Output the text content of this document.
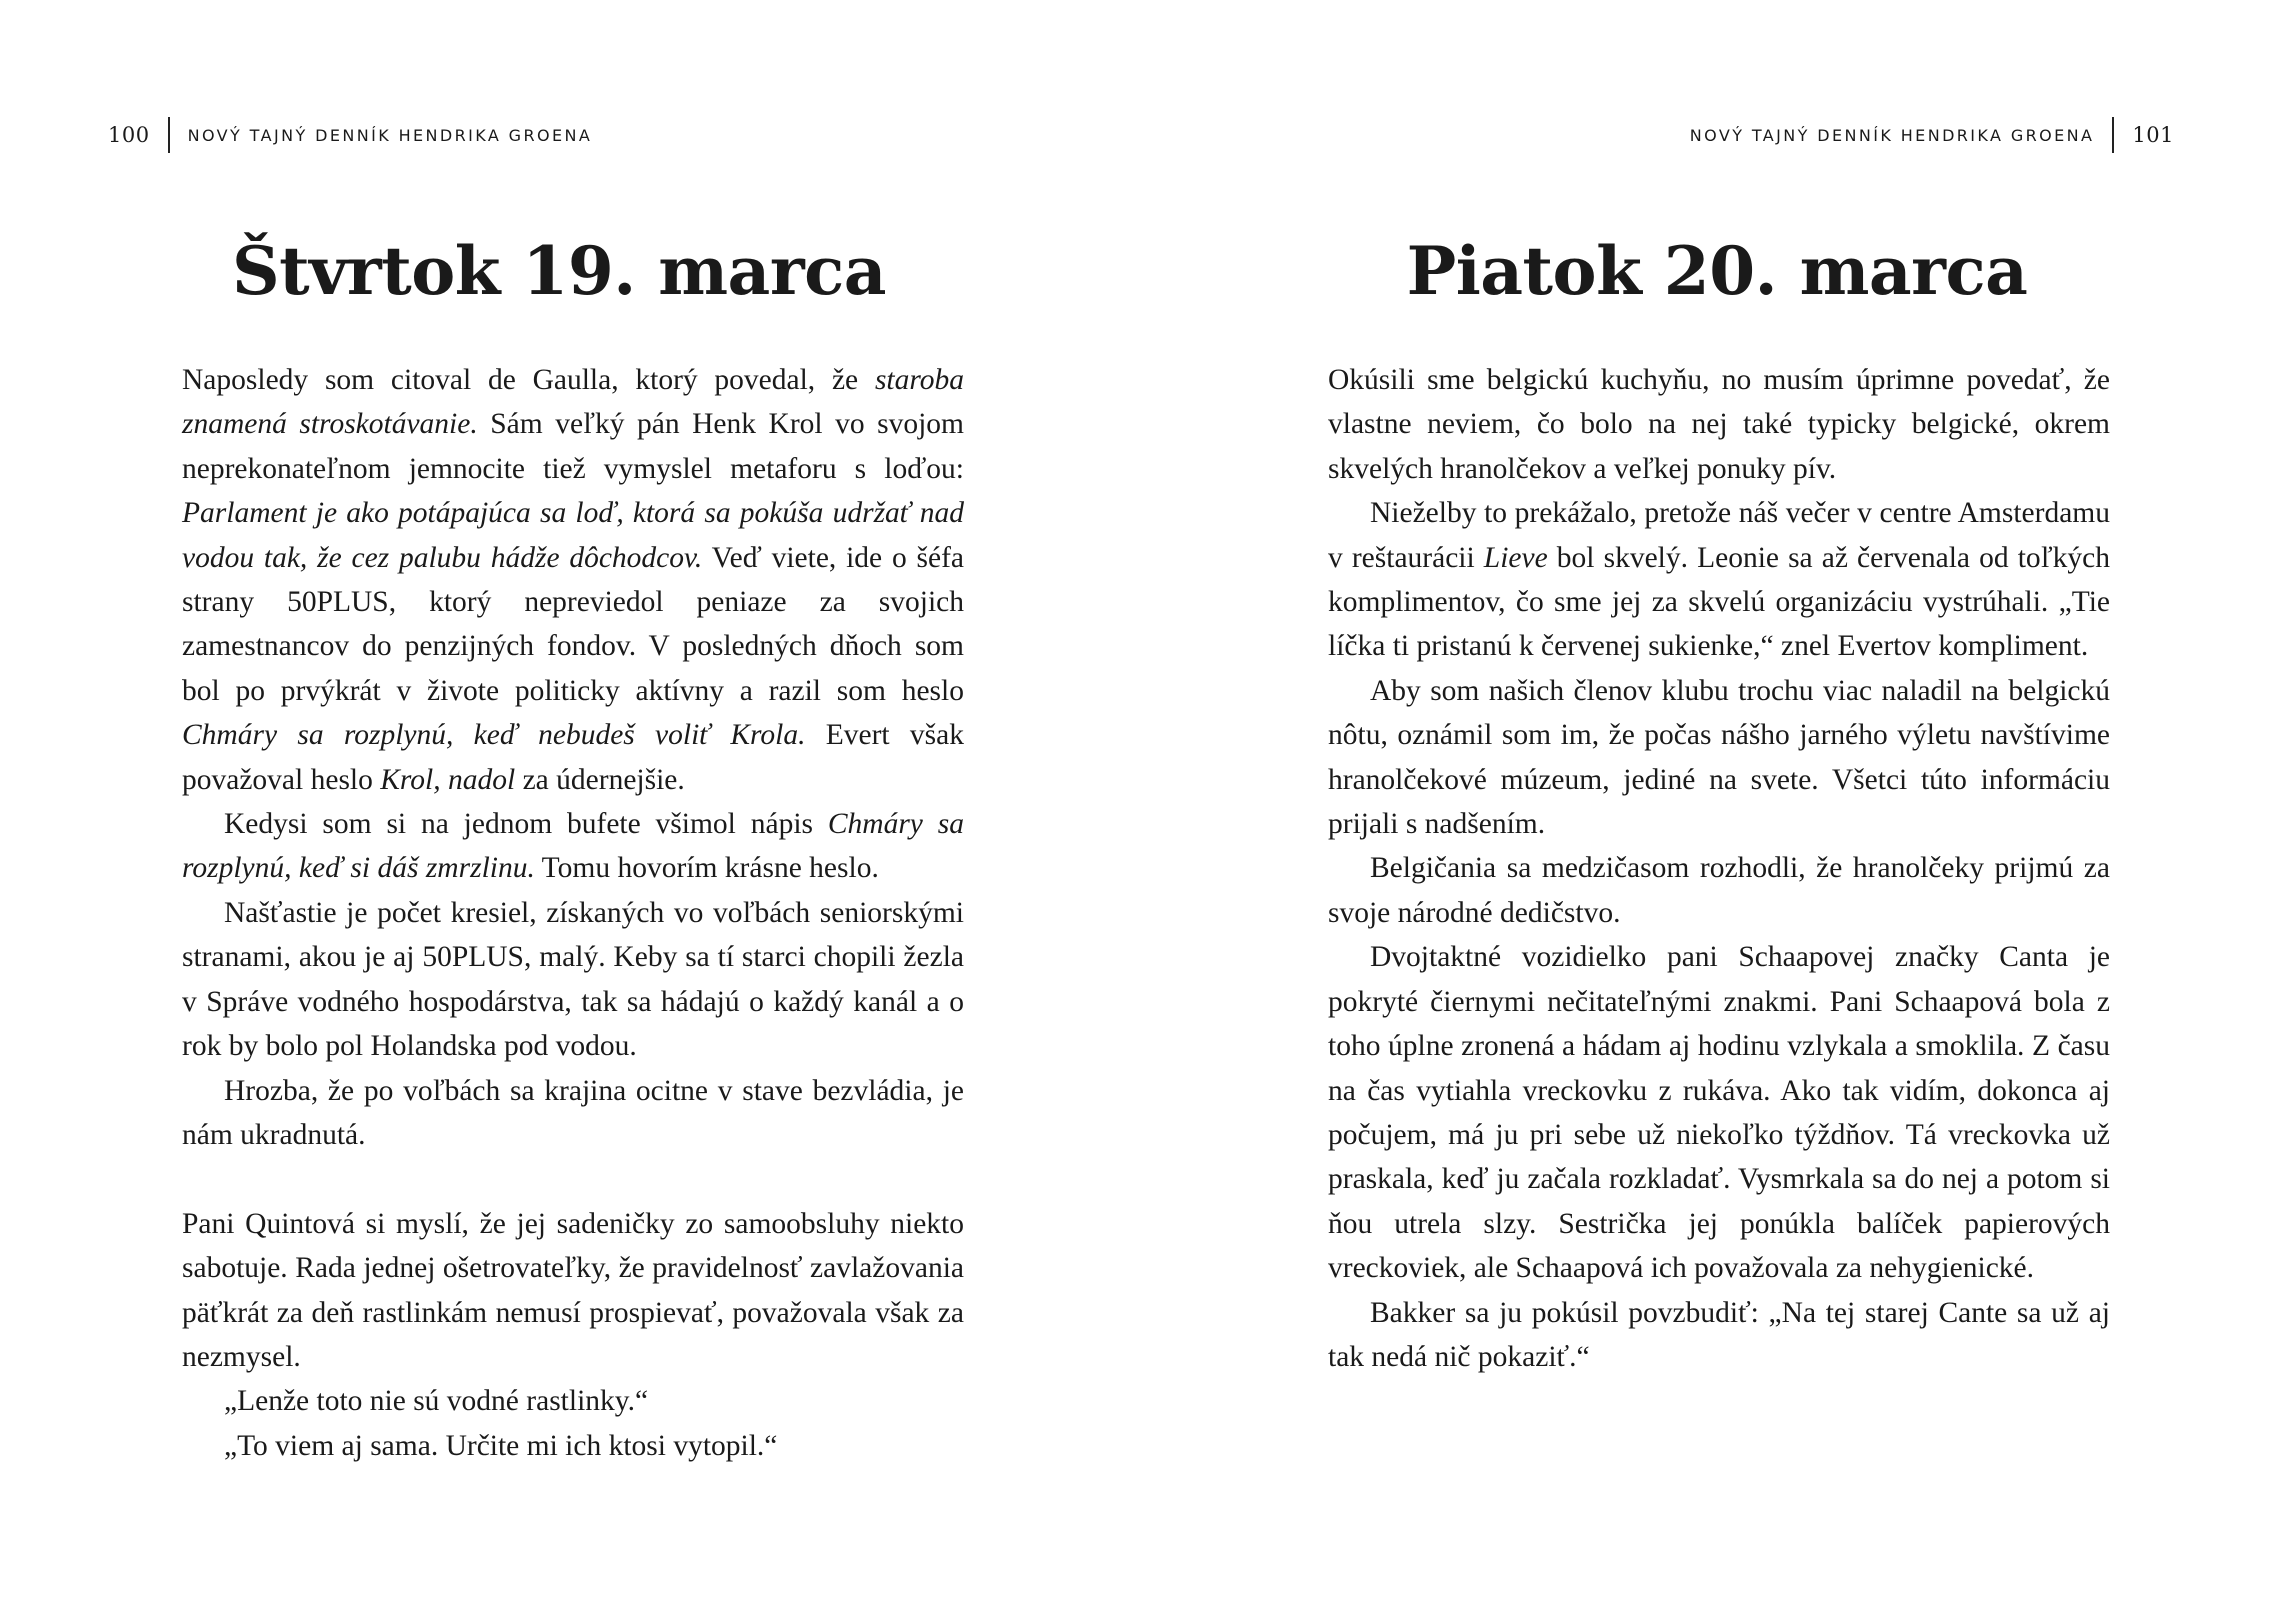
100 NOVÝ TAJNÝ DENNÍK HENDRIKA GROENA
Štvrtok 19. marca

Naposledy som citoval de Gaulla, ktorý povedal, že staroba znamená stroskotávanie. Sám veľký pán Henk Krol vo svojom neprekonateľnom jemnocite tiež vymyslel metaforu s loďou: Parlament je ako potápajúca sa loď, ktorá sa pokúša udržať nad vodou tak, že cez palubu hádže dôchodcov. Veď viete, ide o šéfa strany 50PLUS, ktorý nepreviedol peniaze za svojich zamestnancov do penzijných fondov. V posledných dňoch som bol po prvýkrát v živote politicky aktívny a razil som heslo Chmáry sa rozplynú, keď nebudeš voliť Krola. Evert však považoval heslo Krol, nadol za údernejšie.

Kedysi som si na jednom bufete všimol nápis Chmáry sa rozplynú, keď si dáš zmrzlinu. Tomu hovorím krásne heslo.

Našťastie je počet kresiel, získaných vo voľbách seniorskými stranami, akou je aj 50PLUS, malý. Keby sa tí starci chopili žezla v Správe vodného hospodárstva, tak sa hádajú o každý kanál a o rok by bolo pol Holandska pod vodou.

Hrozba, že po voľbách sa krajina ocitne v stave bezvládia, je nám ukradnutá.

Pani Quintová si myslí, že jej sadeničky zo samoobsluhy niekto sabotuje. Rada jednej ošetrovateľky, že pravidelnosť zavlažovania päťkrát za deň rastlinkám nemusí prospievať, považovala však za nezmysel.

„Lenže toto nie sú vodné rastlinky.“

„To viem aj sama. Určite mi ich ktosi vytopil.“

NOVÝ TAJNÝ DENNÍK HENDRIKA GROENA 101
Piatok 20. marca

Okúsili sme belgickú kuchyňu, no musím úprimne povedať, že vlastne neviem, čo bolo na nej také typicky belgické, okrem skvelých hranolčekov a veľkej ponuky pív.

Nieželby to prekážalo, pretože náš večer v centre Amsterdamu v reštaurácii Lieve bol skvelý. Leonie sa až červenala od toľkých komplimentov, čo sme jej za skvelú organizáciu vystrúhali. „Tie líčka ti pristanú k červenej sukienke,“ znel Evertov kompliment.

Aby som našich členov klubu trochu viac naladil na belgickú nôtu, oznámil som im, že počas nášho jarného výletu navštívime hranolčekové múzeum, jediné na svete. Všetci túto informáciu prijali s nadšením.

Belgičania sa medzičasom rozhodli, že hranolčeky prijmú za svoje národné dedičstvo.

Dvojtaktné vozidielko pani Schaapovej značky Canta je pokryté čiernymi nečitateľnými znakmi. Pani Schaapová bola z toho úplne zronená a hádam aj hodinu vzlykala a smoklila. Z času na čas vytiahla vreckovku z rukáva. Ako tak vidím, dokonca aj počujem, má ju pri sebe už niekoľko týždňov. Tá vreckovka už praskala, keď ju začala rozkladať. Vysmrkala sa do nej a potom si ňou utrela slzy. Sestrička jej ponúkla balíček papierových vreckoviek, ale Schaapová ich považovala za nehygienické.

Bakker sa ju pokúsil povzbudiť: „Na tej starej Cante sa už aj tak nedá nič pokaziť.“
